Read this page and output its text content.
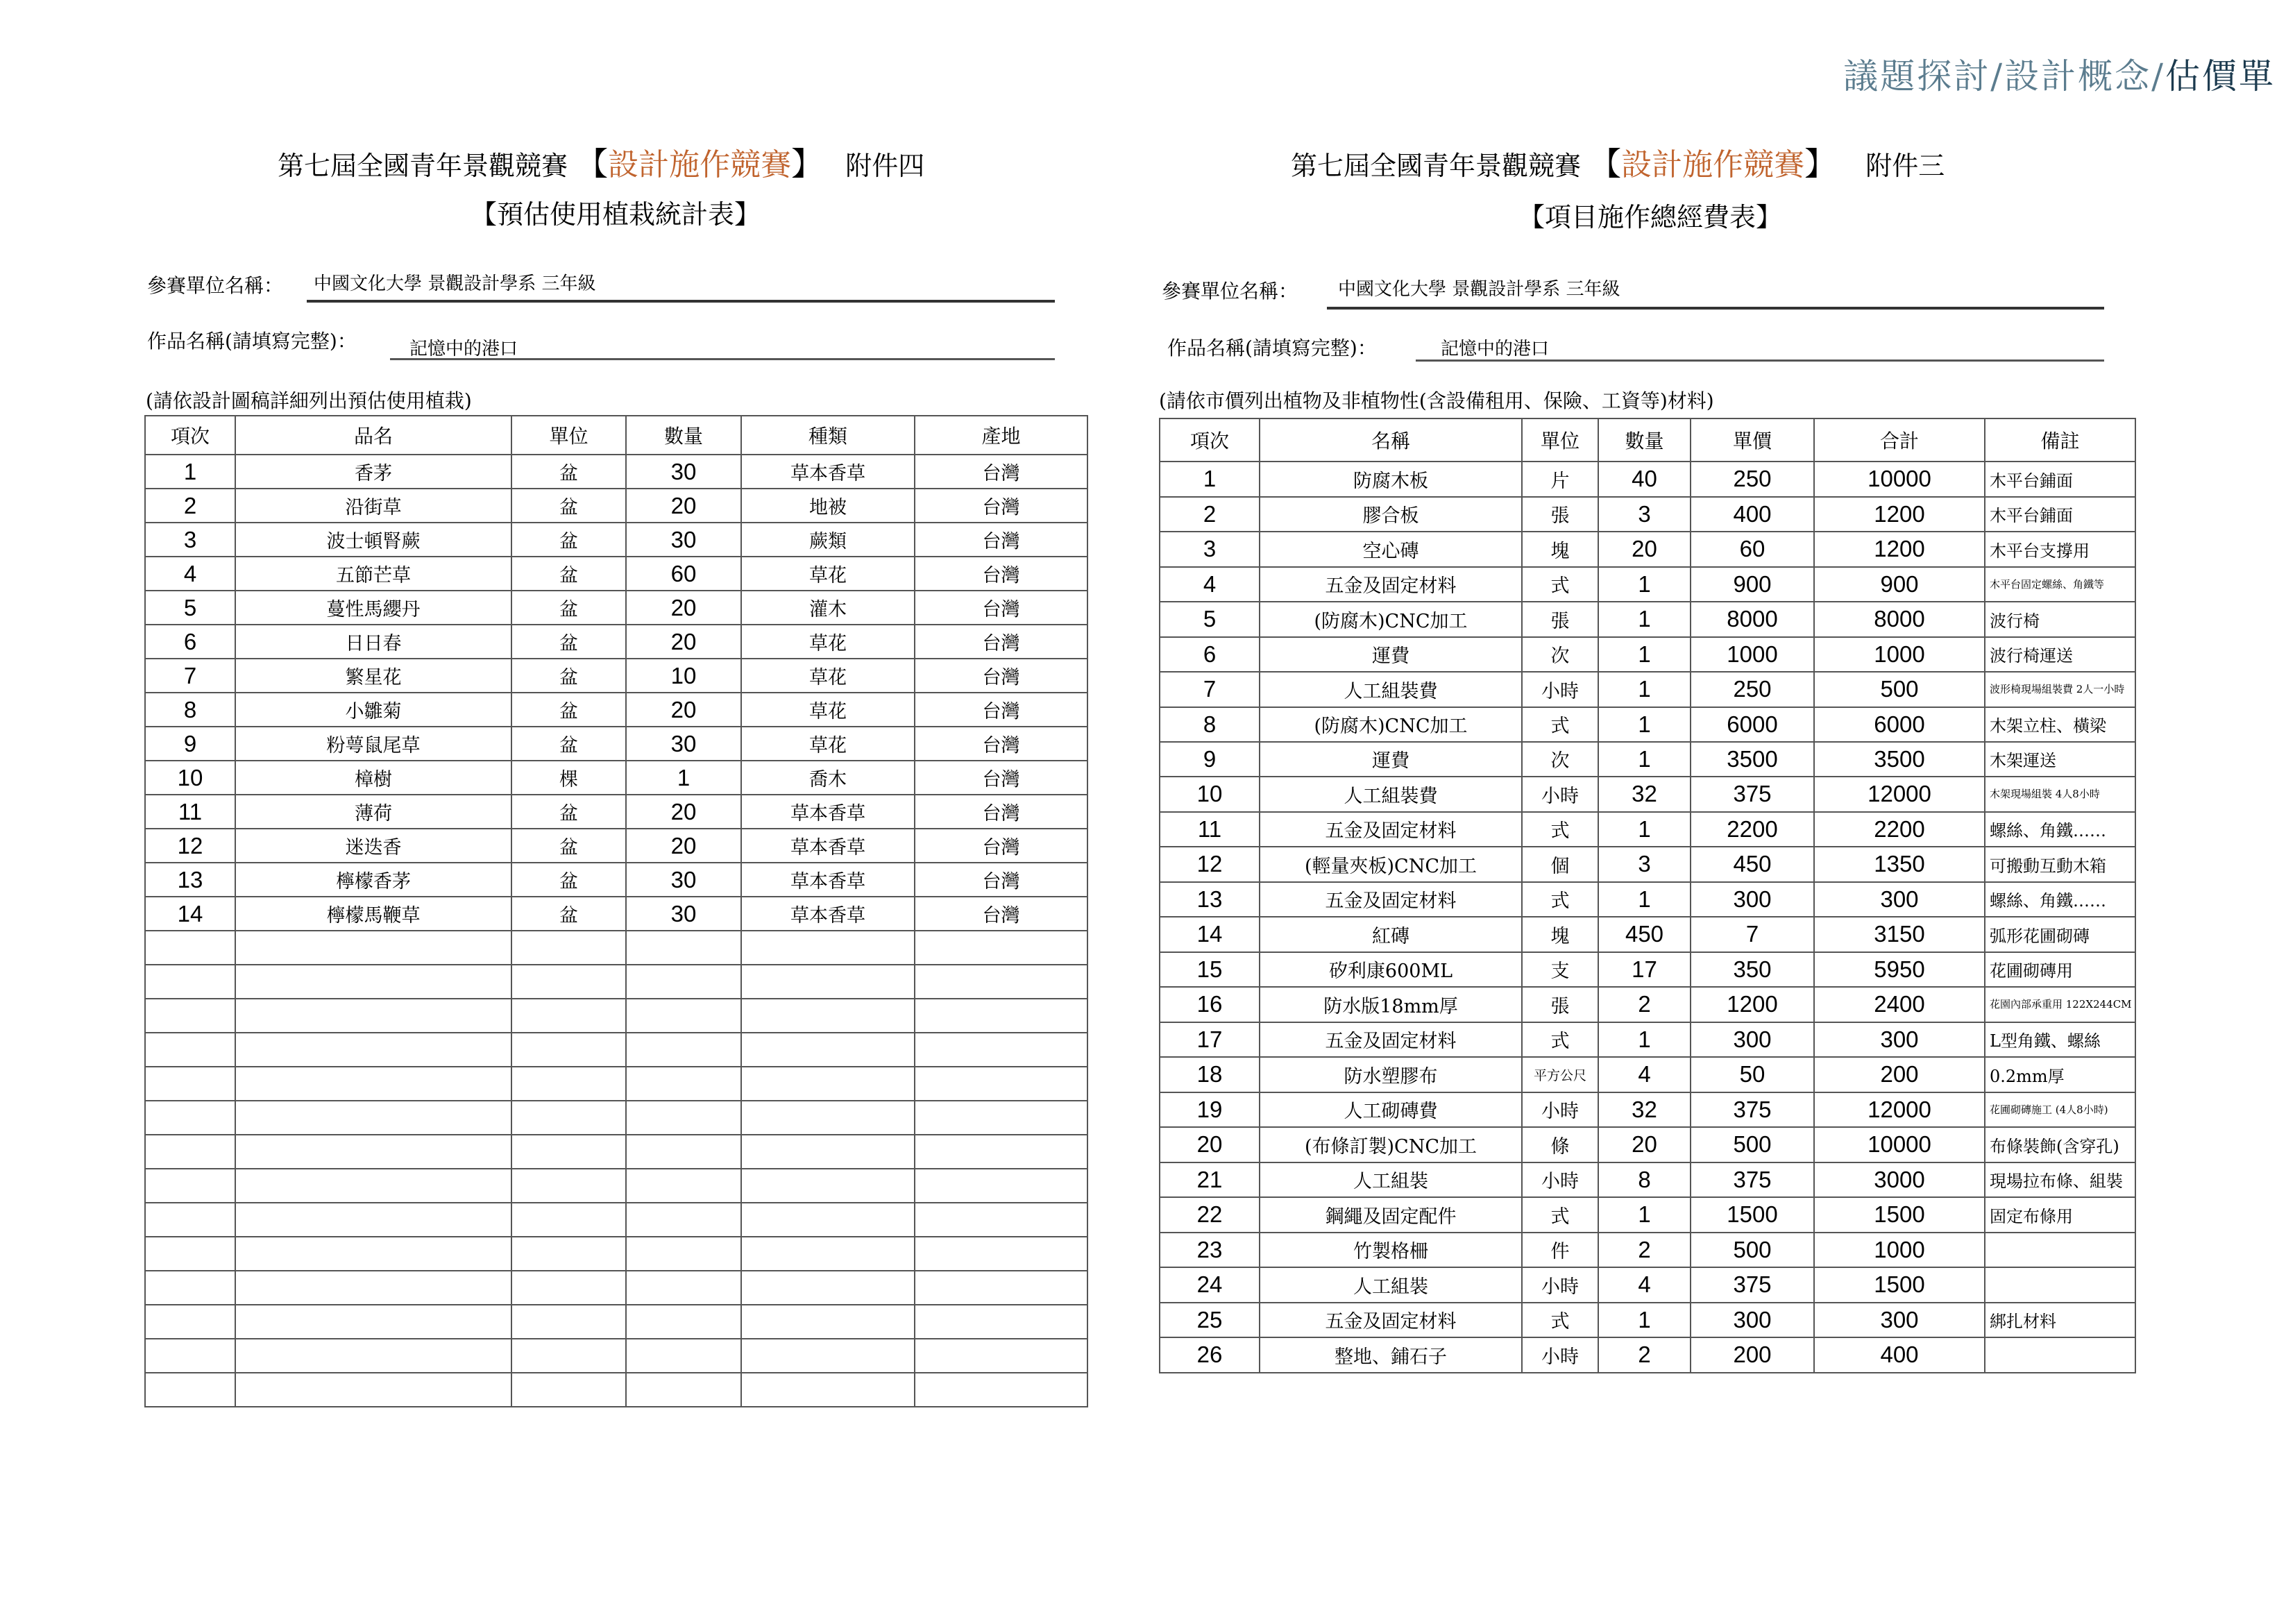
議題探討/設計概念/估價單
第七屆全國青年景觀競賽 【設計施作競賽】 附件四
【預估使用植栽統計表】
參賽單位名稱： 中國文化大學 景觀設計學系 三年級
作品名稱(請填寫完整)：	記憶中的港口
(請依設計圖稿詳細列出預估使用植栽)
項次	品名	單位	數量	種類	產地
1	香茅	盆	30	草本香草	台灣
2	沿街草	盆	20	地被	台灣
3	波士頓腎蕨	盆	30	蕨類	台灣
4	五節芒草	盆	60	草花	台灣
5	蔓性馬纓丹	盆	20	灌木	台灣
6	日日春	盆	20	草花	台灣
7	繁星花	盆	10	草花	台灣
8	小雛菊	盆	20	草花	台灣
9	粉萼鼠尾草	盆	30	草花	台灣
10	樟樹	棵	1	喬木	台灣
11	薄荷	盆	20	草本香草	台灣
12	迷迭香	盆	20	草本香草	台灣
13	檸檬香茅	盆	30	草本香草	台灣
14	檸檬馬鞭草	盆	30	草本香草	台灣

第七屆全國青年景觀競賽 【設計施作競賽】 附件三
【項目施作總經費表】
參賽單位名稱： 中國文化大學 景觀設計學系 三年級
作品名稱(請填寫完整)：	記憶中的港口
(請依市價列出植物及非植物性(含設備租用、保險、工資等)材料)
項次	名稱	單位	數量	單價	合計	備註
1	防腐木板	片	40	250	10000	木平台鋪面
2	膠合板	張	3	400	1200	木平台鋪面
3	空心磚	塊	20	60	1200	木平台支撐用
4	五金及固定材料	式	1	900	900	木平台固定螺絲、角鐵等
5	(防腐木)CNC加工	張	1	8000	8000	波行椅
6	運費	次	1	1000	1000	波行椅運送
7	人工組裝費	小時	1	250	500	波形椅現場組裝費 2人一小時
8	(防腐木)CNC加工	式	1	6000	6000	木架立柱、橫梁
9	運費	次	1	3500	3500	木架運送
10	人工組裝費	小時	32	375	12000	木架現場組裝 4人8小時
11	五金及固定材料	式	1	2200	2200	螺絲、角鐵……
12	(輕量夾板)CNC加工	個	3	450	1350	可搬動互動木箱
13	五金及固定材料	式	1	300	300	螺絲、角鐵……
14	紅磚	塊	450	7	3150	弧形花圃砌磚
15	矽利康600ML	支	17	350	5950	花圃砌磚用
16	防水版18mm厚	張	2	1200	2400	花園內部承重用 122X244CM
17	五金及固定材料	式	1	300	300	L型角鐵、螺絲
18	防水塑膠布	平方公尺	4	50	200	0.2mm厚
19	人工砌磚費	小時	32	375	12000	花圃砌磚施工 (4人8小時)
20	(布條訂製)CNC加工	條	20	500	10000	布條裝飾(含穿孔)
21	人工組裝	小時	8	375	3000	現場拉布條、組裝
22	鋼繩及固定配件	式	1	1500	1500	固定布條用
23	竹製格柵	件	2	500	1000	
24	人工組裝	小時	4	375	1500	
25	五金及固定材料	式	1	300	300	綁扎材料
26	整地、鋪石子	小時	2	200	400	
